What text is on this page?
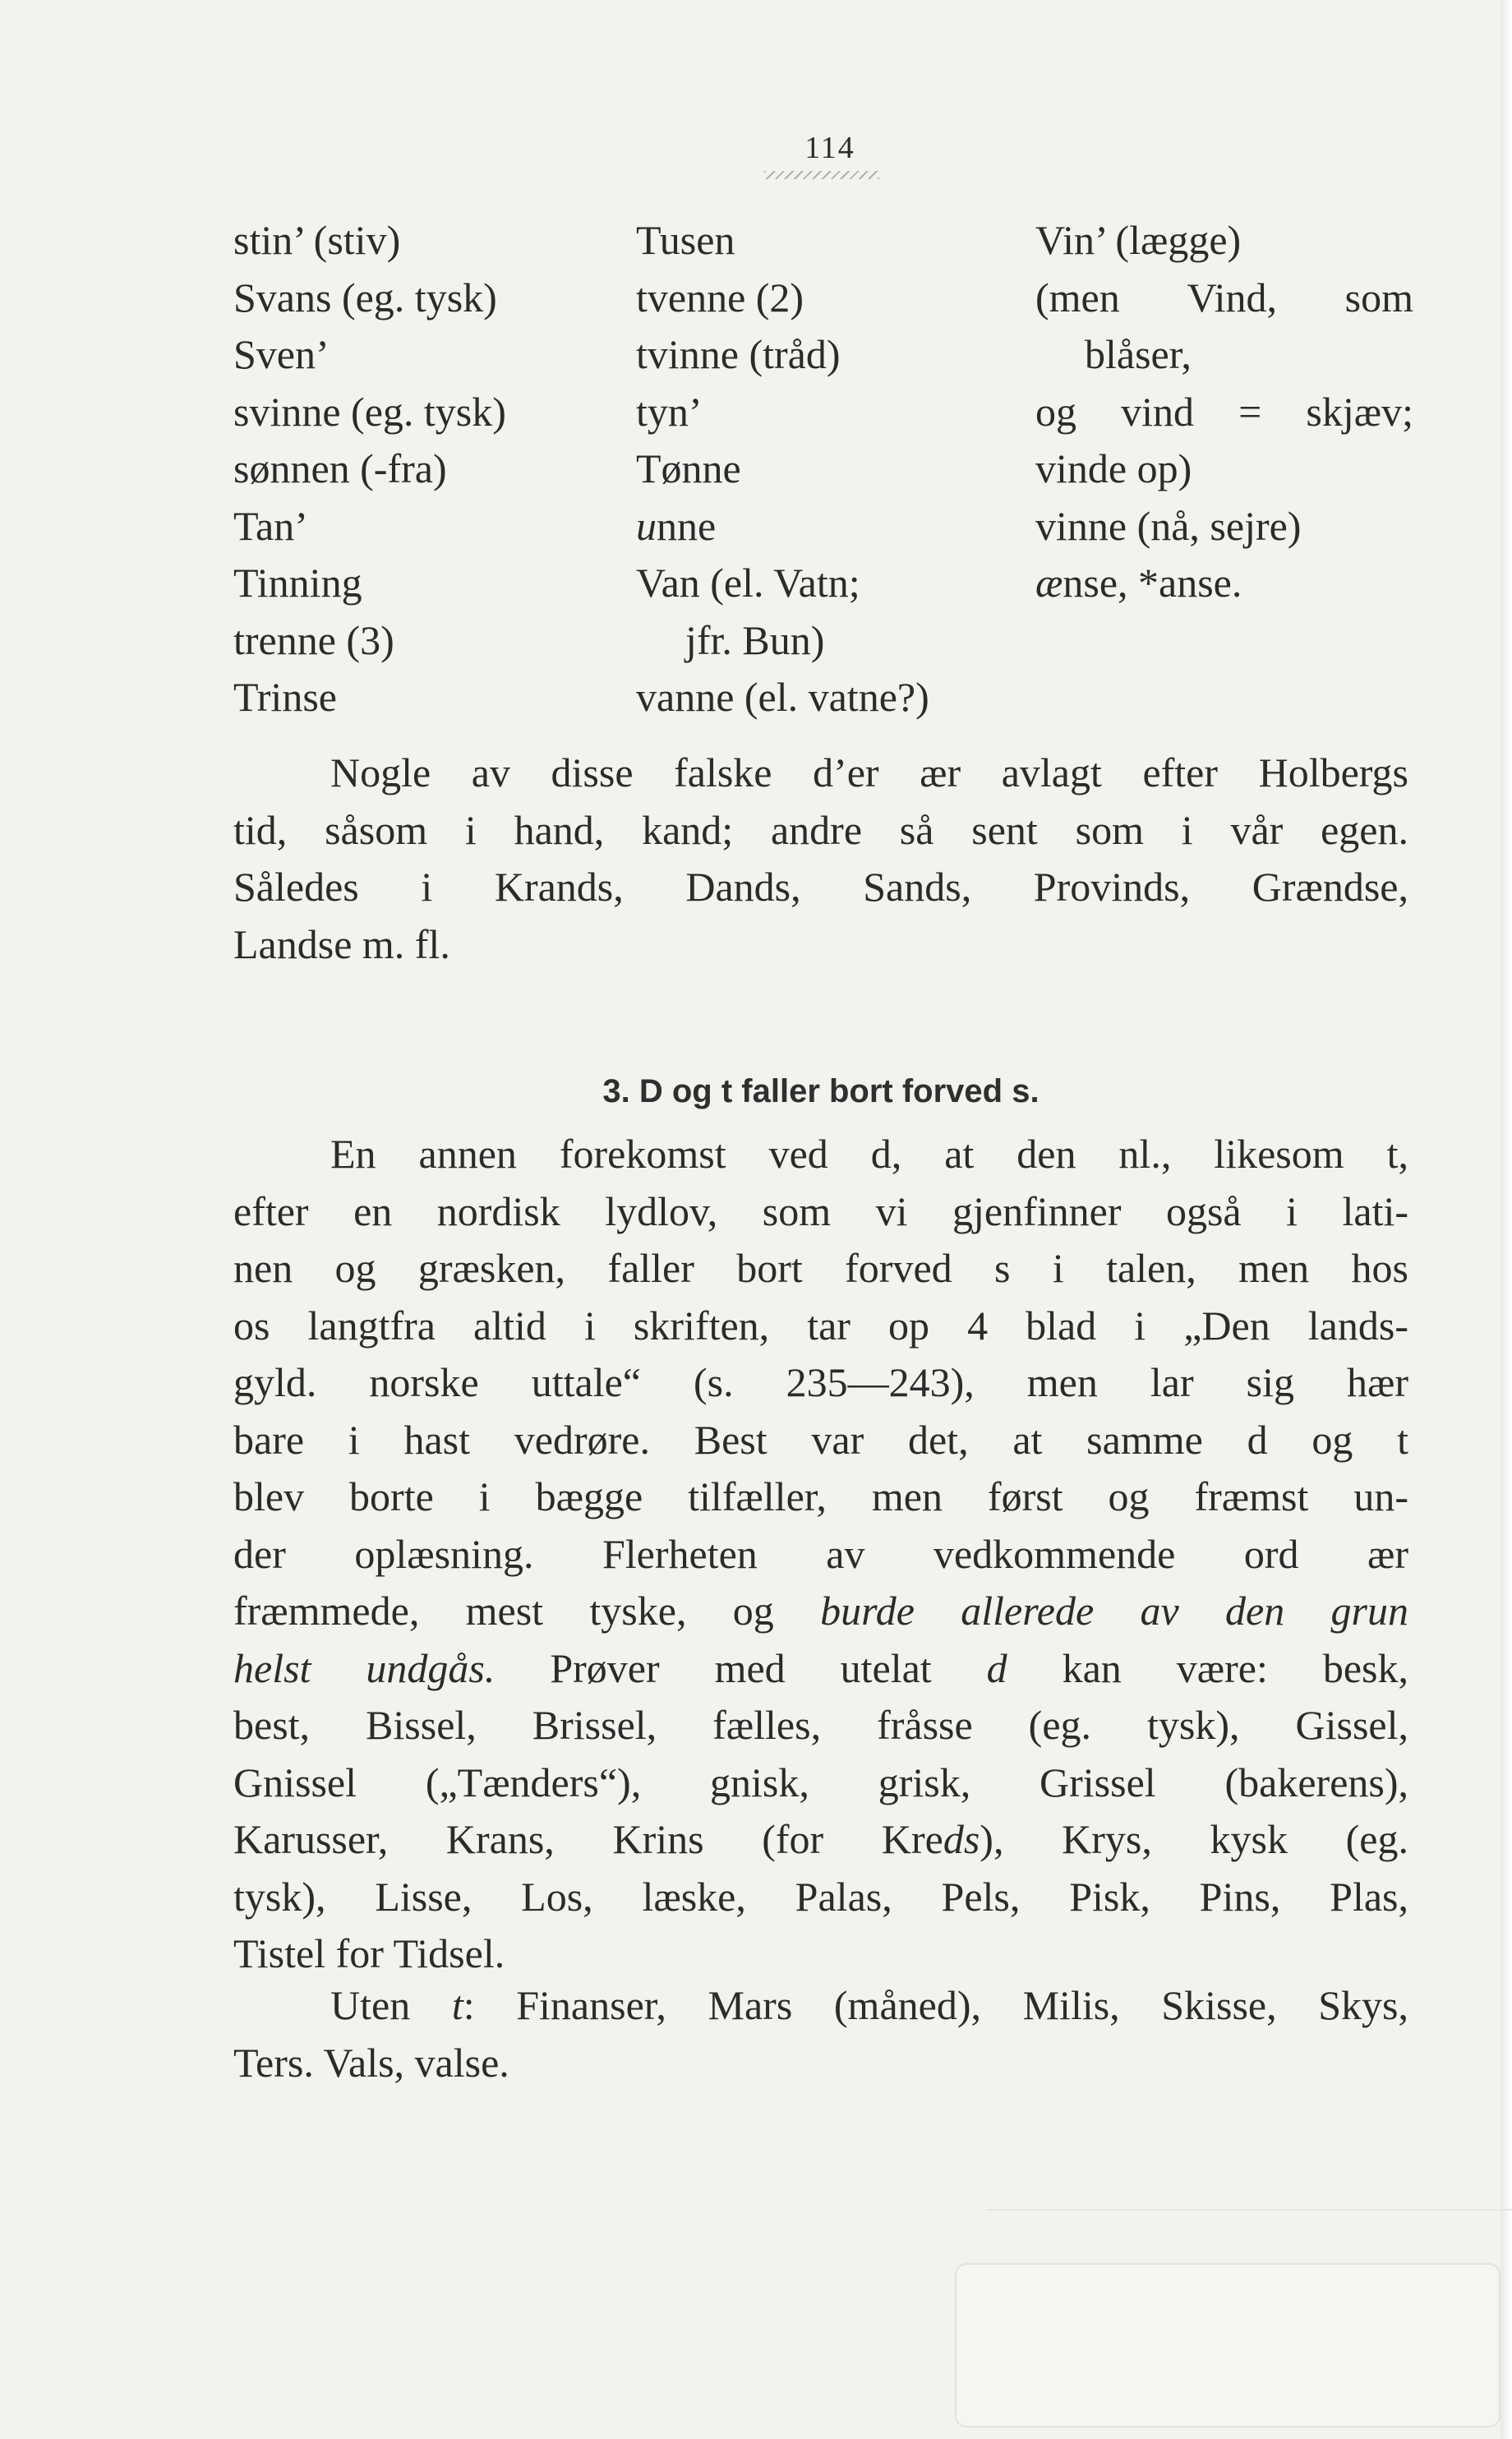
114
stin’ (stiv)
Svans (eg. tysk)
Sven’
svinne (eg. tysk)
sønnen (-fra)
Tan’
Tinning
trenne (3)
Trinse
Tusen
tvenne (2)
tvinne (tråd)
tyn’
Tønne
unne
Van (el. Vatn;
jfr. Bun)
vanne (el. vatne?)
Vin’ (lægge)
(men Vind, som
blåser,
og vind = skjæv;
vinde op)
vinne (nå, sejre)
ænse, *anse.
Nogle av disse falske d’er ær avlagt efter Holbergs
tid, såsom i hand, kand; andre så sent som i vår egen.
Således i Krands, Dands, Sands, Provinds, Grændse,
Landse m. fl.
3. D og t faller bort forved s.
En annen forekomst ved d, at den nl., likesom t,
efter en nordisk lydlov, som vi gjenfinner også i lati-
nen og græsken, faller bort forved s i talen, men hos
os langtfra altid i skriften, tar op 4 blad i „Den lands-
gyld. norske uttale“ (s. 235—243), men lar sig hær
bare i hast vedrøre. Best var det, at samme d og t
blev borte i bægge tilfæller, men først og fræmst un-
der oplæsning. Flerheten av vedkommende ord ær
fræmmede, mest tyske, og burde allerede av den grun
helst undgås. Prøver med utelat d kan være: besk,
best, Bissel, Brissel, fælles, fråsse (eg. tysk), Gissel,
Gnissel („Tænders“), gnisk, grisk, Grissel (bakerens),
Karusser, Krans, Krins (for Kreds), Krys, kysk (eg.
tysk), Lisse, Los, læske, Palas, Pels, Pisk, Pins, Plas,
Tistel for Tidsel.
Uten t: Finanser, Mars (måned), Milis, Skisse, Skys,
Ters. Vals, valse.
